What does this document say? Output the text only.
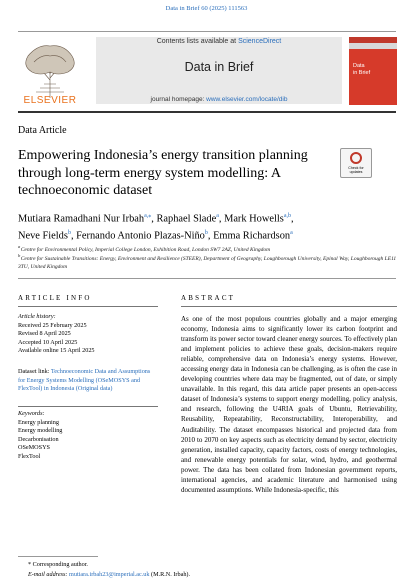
Data in Brief 60 (2025) 111563
ELSEVIER
Contents lists available at ScienceDirect
Data in Brief
journal homepage: www.elsevier.com/locate/dib
Data
in Brief
Data Article
Empowering Indonesia’s energy transition planning through long-term energy system modelling: A technoeconomic dataset
Check for
updates
Mutiara Ramadhani Nur Irbah$^{a,⁎}$, Raphael Slade$^a$, Mark Howells$^{a,b}$,
Neve Fields$^b$, Fernando Antonio Plazas-Niño$^b$, Emma Richardson$^a$
$^a$ Centre for Environmental Policy, Imperial College London, Exhibition Road, London SW7 2AZ, United Kingdom
$^b$ Centre for Sustainable Transitions: Energy, Environment and Resilience (STEER), Department of Geography, Loughborough University, Epinal Way, Loughborough LE11 3TU, United Kingdom
ARTICLE INFO
Article history:
Received 25 February 2025
Revised 8 April 2025
Accepted 10 April 2025
Available online 15 April 2025
Dataset link: Technoeconomic Data and Assumptions for Energy Systems Modelling (OSeMOSYS and FlexTool) in Indonesia (Original data)
Keywords:
Energy planning
Energy modelling
Decarbonisation
OSeMOSYS
FlexTool
ABSTRACT
As one of the most populous countries globally and a major emerging economy, Indonesia aims to significantly lower its carbon footprint and transform its power sector toward cleaner energy sources. To effectively plan and implement policies to achieve these goals, decision-makers require reliable, comprehensive data on Indonesia’s energy systems. However, accessing energy data in Indonesia can be challenging, as is often the case in developing countries where data may be fragmented, out of date, or simply unavailable. In this regard, this data article paper presents an open-access dataset of Indonesia’s systems to support energy modelling, policy analysis, and research, following the U4RIA goals of Ubuntu, Retrievability, Reusability, Repeatability, Reconstructability, Interoperability, and Auditability. The dataset encompasses historical and projected data from 2010 to 2070 on key aspects such as electricity demand by sector, electricity generation, installed capacity, capacity factors, costs of energy technologies, and renewable energy potentials for solar, wind, hydro, and geothermal power. The data has been collated from Indonesian government reports, international agencies, and academic literature and harmonised using documented assumptions. While Indonesia-specific, this
* Corresponding author.
E-mail address: mutiara.irbah23@imperial.ac.uk (M.R.N. Irbah).
